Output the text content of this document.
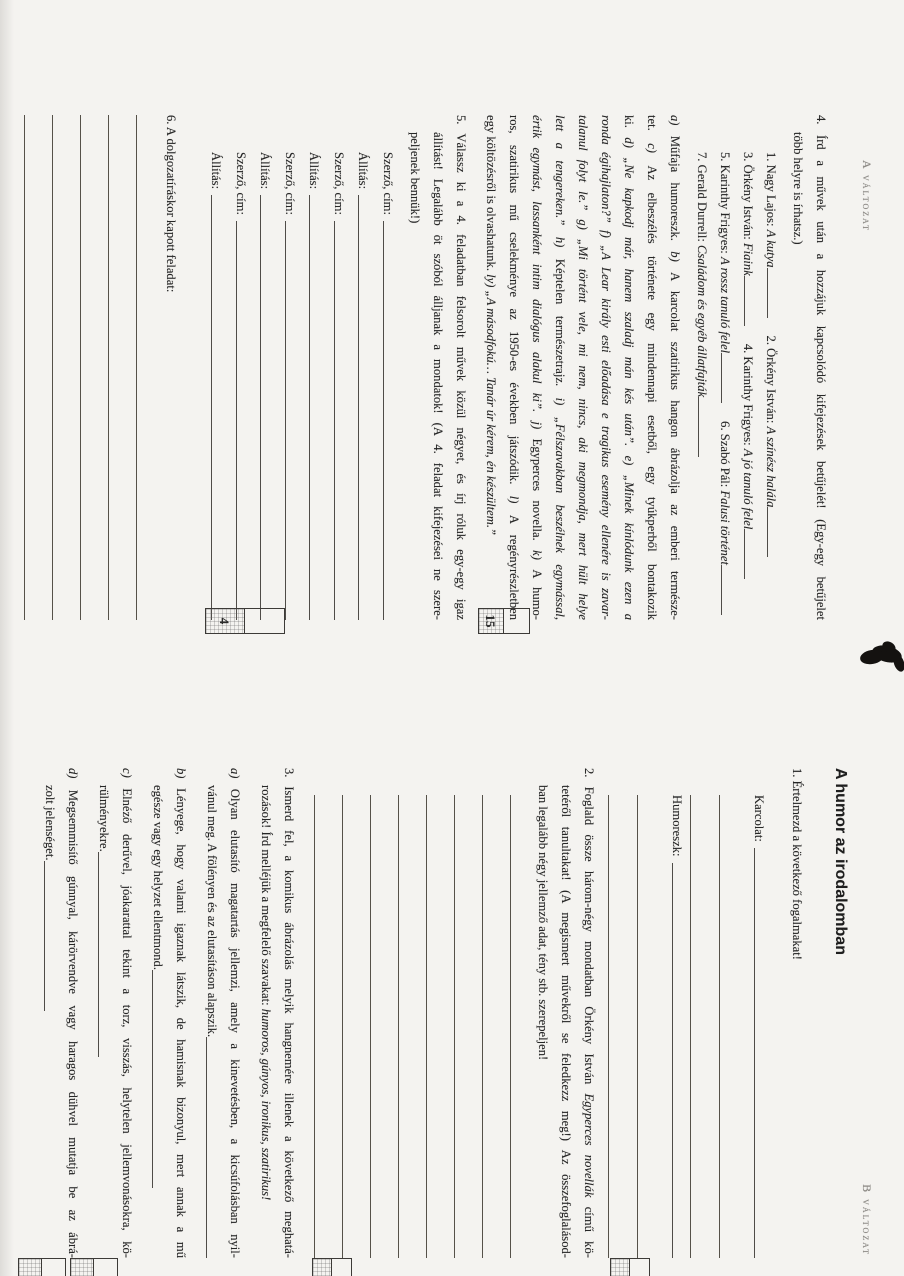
A változat
4. Írd a művek után a hozzájuk kapcsolódó kifejezések betűjelét! (Egy-egy betűjelet
több helyre is írhatsz.)
1. Nagy Lajos: A kutya
2. Örkény István: A színész halála
3. Örkény István: Fiaink
4. Karinthy Frigyes: A jó tanuló felel
5. Karinthy Frigyes: A rossz tanuló felel
6. Szabó Pál: Falusi történet
7. Gerald Durrell: Családom és egyéb állatfajták
a) Műfaja humoreszk. b) A karcolat szatirikus hangon ábrázolja az emberi természe-
tet. c) Az elbeszélés története egy mindennapi esetből, egy tyúkperből bontakozik
ki. d) „Ne kapkodj már, hanem szaladj mán kés után”. e) „Minek kínlódunk ezen a
ronda égihajlaton?” f) „A Lear király esti előadása e tragikus esemény ellenére is zavar-
talanul folyt le.” g) „Mi történt vele, mi nem, nincs, aki megmondja, mert hült helye
lett a tengereken.” h) Képtelen természetrajz. i) „Félszavakban beszélnek egymással,
értik egymást, lassanként intim dialógus alakul ki”. j) Egyperces novella. k) A humo-
ros, szatirikus mű cselekménye az 1950-es években játszódik. l) A regényrészletben
egy költözésről is olvashatunk. ly) „A másodfokú… Tanár úr kérem, én készültem.”
15
5. Válassz ki a 4. feladatban felsorolt művek közül négyet, és írj róluk egy-egy igaz
állítást! Legalább öt szóból álljanak a mondatok! (A 4. feladat kifejezései ne szere-
peljenek bennük!)
Szerző, cím:
Állítás:
Szerző, cím:
Állítás:
Szerző, cím:
Állítás:
Szerző, cím:
Állítás:
4
6. A dolgozatíráskor kapott feladat:
B változat
A humor az irodalomban
1. Értelmezd a következő fogalmakat!
Karcolat:
Humoreszk:
2. Foglald össze három-négy mondatban Örkény István Egyperces novellák című kö-
tetéről tanultakat! (A megismert művekről se feledkezz meg!) Az összefoglalásod-
ban legalább négy jellemző adat, tény stb. szerepeljen!
3. Ismerd fel, a komikus ábrázolás melyik hangnemére illenek a következő meghatá-
rozások! Írd melléjük a megfelelő szavakat: humoros, gúnyos, ironikus, szatirikus!
a) Olyan elutasító magatartás jellemzi, amely a kinevetésben, a kicsúfolásban nyil-
vánul meg. A fölényen és az elutasításon alapszik.
b) Lényege, hogy valami igaznak látszik, de hamisnak bizonyul, mert annak a mű
egésze vagy egy helyzet ellentmond.
c) Elnéző derűvel, jóakarattal tekint a torz, visszás, helytelen jellemvonásokra, kö-
rülményekre.
d) Megsemmisítő gúnnyal, kárörvendve vagy haragos dühvel mutatja be az ábrá-
zolt jelenséget.
